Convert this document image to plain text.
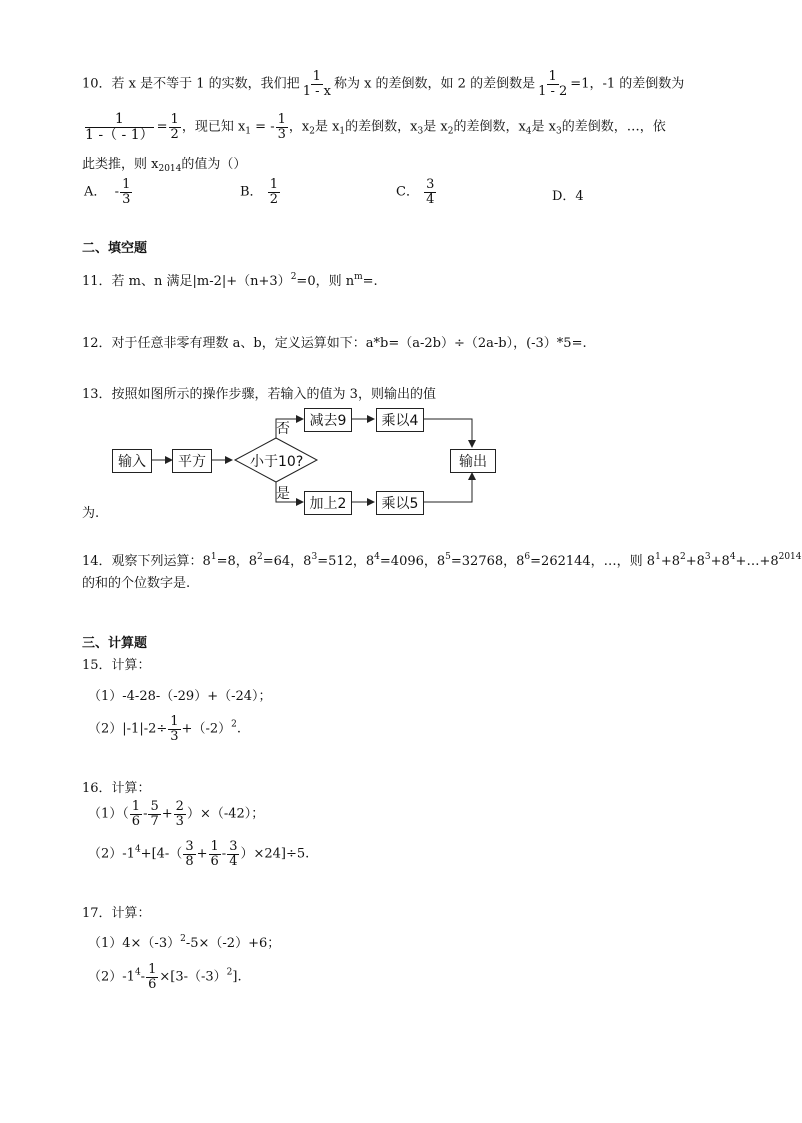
10．若 x 是不等于 1 的实数，我们把 $\frac{1}{1 - x}$ 称为 x 的差倒数，如 2 的差倒数是 $\frac{1}{1 - 2} =1$，-1 的差倒数为
$\frac{1}{1 -( - 1)} = \frac{1}{2}$ ，现已知 $x_1$ = - $\frac{1}{3}$ ，$x_2$是 $x_1$的差倒数，$x_3$是 $x_2$的差倒数，$x_4$是 $x_3$的差倒数，…，依
此类推，则 $x_{2014}$的值为（）
A． - $\frac{1}{3}$	B． $\frac{1}{2}$	C． $\frac{3}{4}$	D．4
二、填空题
11．若 m、n 满足$|m-2|+(n+3)^2=0$，则 $n^m=$.
12．对于任意非零有理数 a、b，定义运算如下：a*b=（a-2b）÷（2a-b），(-3）*5=.
13．按照如图所示的操作步骤，若输入的值为 3，则输出的值
输入	平方	小于10?
否
是
减去9	乘以4
加上2	乘以5
输出
为.
14．观察下列运算：$8^1=8$，$8^2=64$，$8^3=512$，$8^4=4096$，$8^5=32768$，$8^6=262144$，…，则 $8^1+8^2+8^3+8^4+\dots+8^{2014}$
的和的个位数字是.
三、计算题
15．计算：
（1）-4-28-（-29）+（-24）；
$(2)|-1|-2\div \frac{1}{3} +(-2)^2$.
16．计算：
$(1)( \frac{1}{6} - \frac{5}{7} + \frac{2}{3} )\times(-42)$；
$(2)-1^4+[4-( \frac{3}{8} + \frac{1}{6} - \frac{3}{4} )\times 24]\div 5$.
17．计算：
$(1)4\times(-3)^2-5\times(-2)+6$；
$(2)-1^4- \frac{1}{6} \times[3-(-3)^2]$.
